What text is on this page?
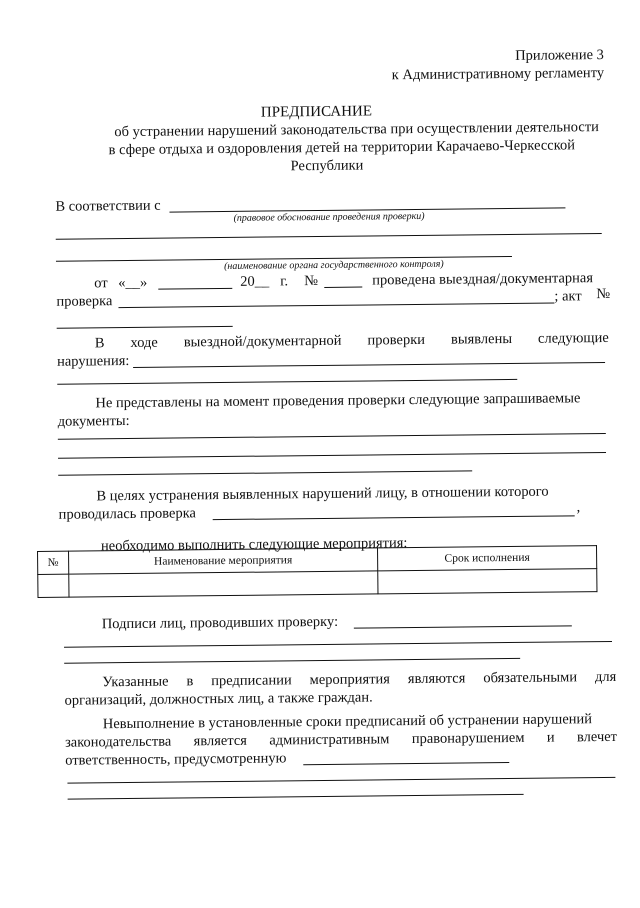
Приложение 3
к Административному регламенту
ПРЕДПИСАНИЕ
об устранении нарушений законодательства при осуществлении деятельности
в сфере отдыха и оздоровления детей на территории Карачаево-Черкесской
Республики
В соответствии с
(правовое обоснование проведения проверки)
(наименование органа государственного контроля)
от «__»	20__ г. №	проведена выездная/документарная
проверка	; акт №
В ходе выездной/документарной проверки выявлены следующие
нарушения:
Не представлены на момент проведения проверки следующие запрашиваемые
документы:
В целях устранения выявленных нарушений лицу, в отношении которого
проводилась проверка	,
необходимо выполнить следующие мероприятия:
№	Наименование мероприятия	Срок исполнения

Подписи лиц, проводивших проверку:
Указанные в предписании мероприятия являются обязательными для
организаций, должностных лиц, а также граждан.
Невыполнение в установленные сроки предписаний об устранении нарушений
законодательства является административным правонарушением и влечет
ответственность, предусмотренную
